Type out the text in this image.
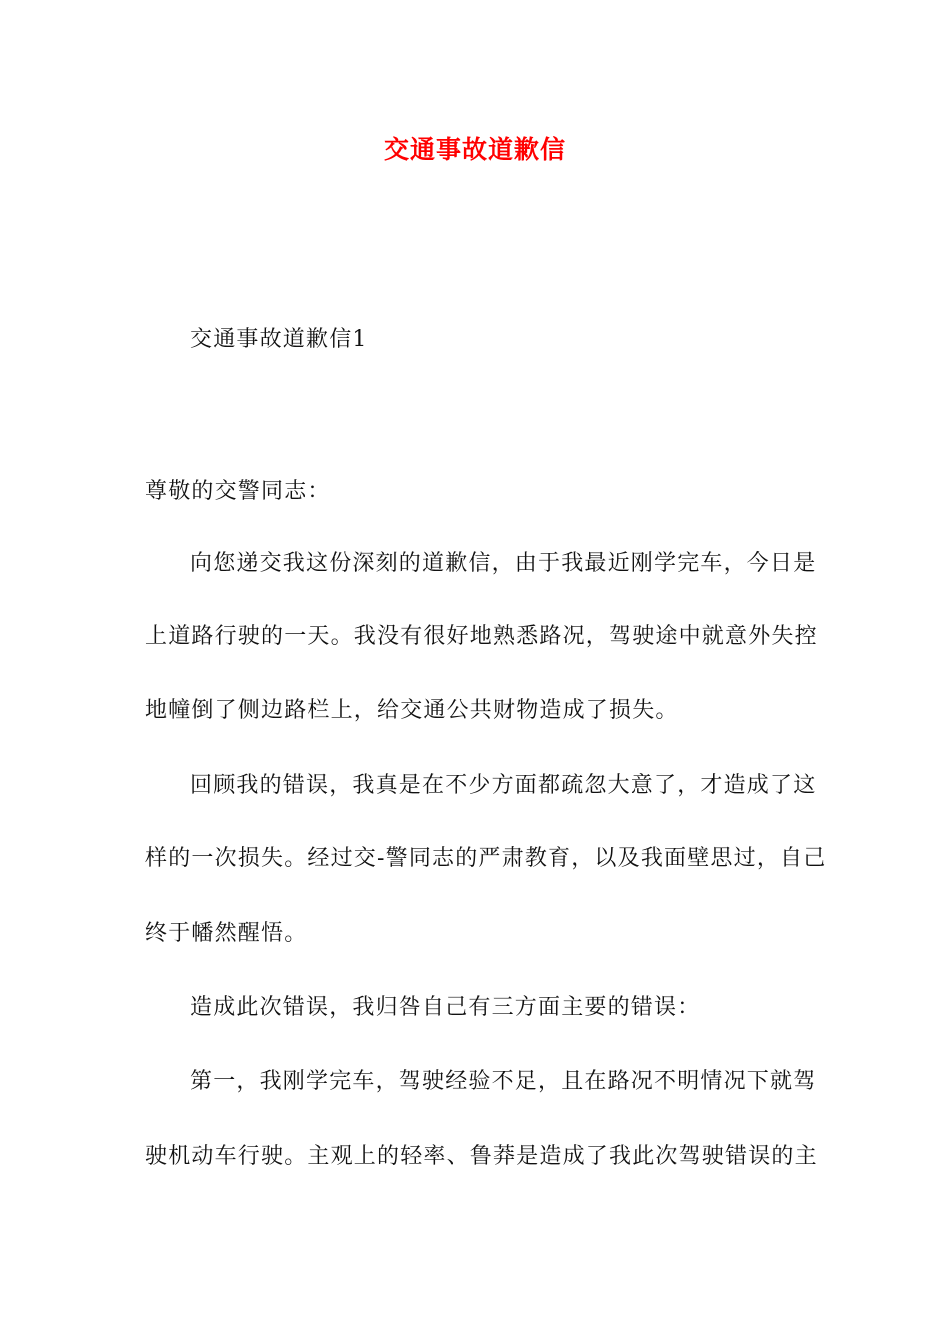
交通事故道歉信
交通事故道歉信1
尊敬的交警同志：
向您递交我这份深刻的道歉信，由于我最近刚学完车，今日是
上道路行驶的一天。我没有很好地熟悉路况，驾驶途中就意外失控
地幢倒了侧边路栏上，给交通公共财物造成了损失。
回顾我的错误，我真是在不少方面都疏忽大意了，才造成了这
样的一次损失。经过交-警同志的严肃教育，以及我面壁思过，自己
终于幡然醒悟。
造成此次错误，我归咎自己有三方面主要的错误：
第一，我刚学完车，驾驶经验不足，且在路况不明情况下就驾
驶机动车行驶。主观上的轻率、鲁莽是造成了我此次驾驶错误的主
